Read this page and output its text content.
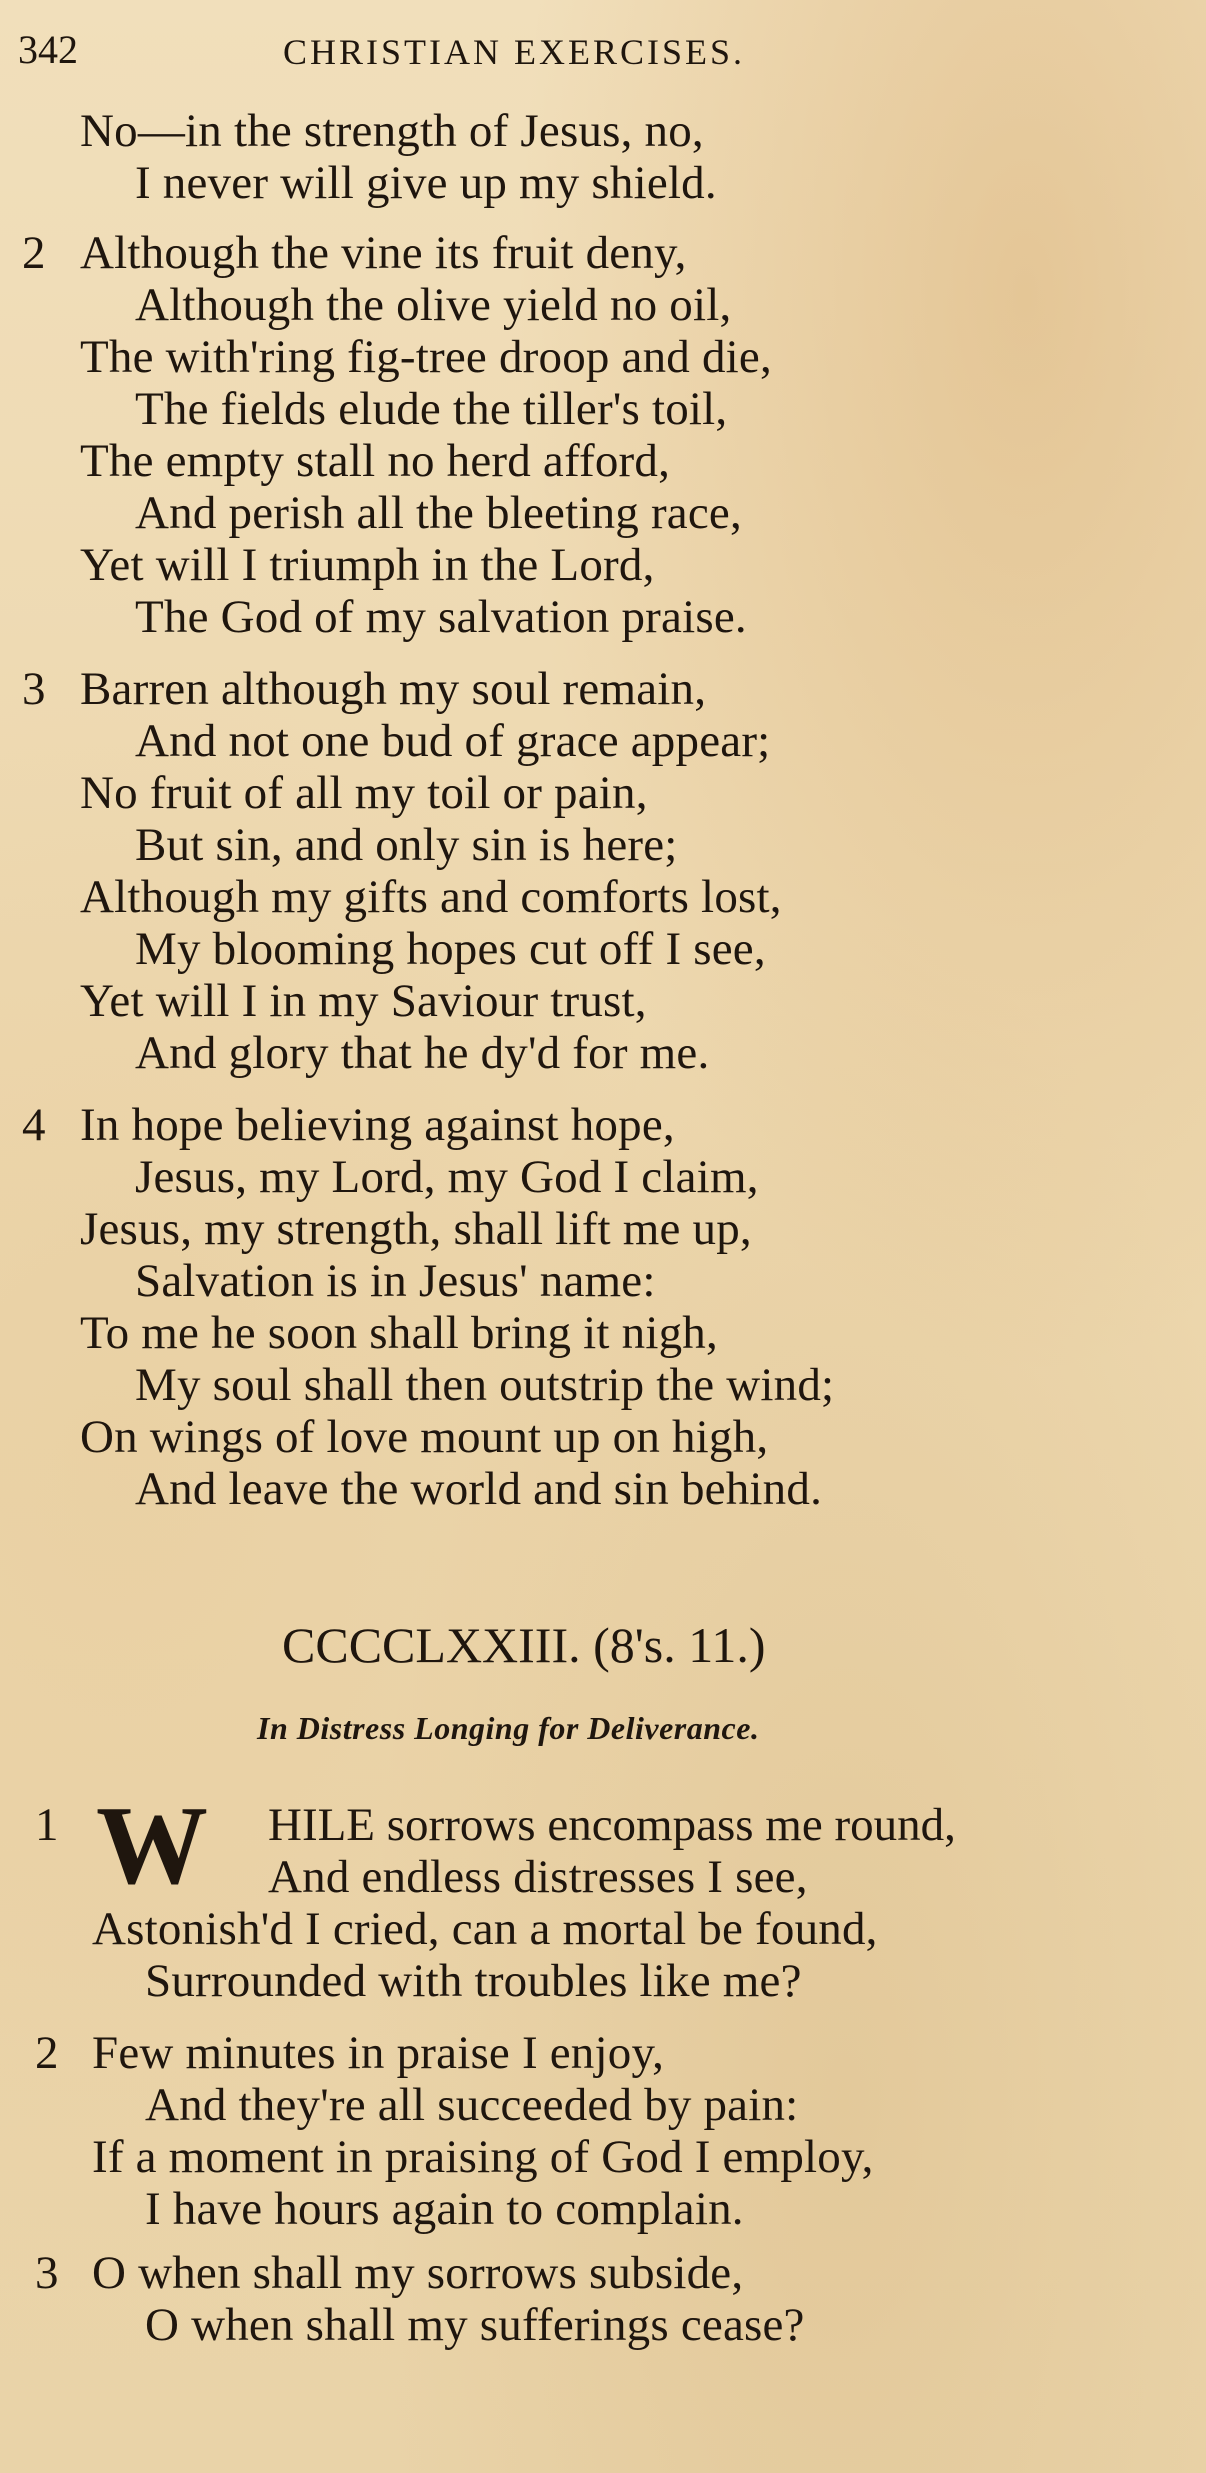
342	CHRISTIAN EXERCISES.
No—in the strength of Jesus, no,
I never will give up my shield.
2 Although the vine its fruit deny,
Although the olive yield no oil,
The with'ring fig-tree droop and die,
The fields elude the tiller's toil,
The empty stall no herd afford,
And perish all the bleeting race,
Yet will I triumph in the Lord,
The God of my salvation praise.
3 Barren although my soul remain,
And not one bud of grace appear;
No fruit of all my toil or pain,
But sin, and only sin is here;
Although my gifts and comforts lost,
My blooming hopes cut off I see,
Yet will I in my Saviour trust,
And glory that he dy'd for me.
4 In hope believing against hope,
Jesus, my Lord, my God I claim,
Jesus, my strength, shall lift me up,
Salvation is in Jesus' name:
To me he soon shall bring it nigh,
My soul shall then outstrip the wind;
On wings of love mount up on high,
And leave the world and sin behind.
CCCCLXXIII. (8's. 11.)
In Distress Longing for Deliverance.
1 W HILE sorrows encompass me round,
And endless distresses I see,
Astonish'd I cried, can a mortal be found,
Surrounded with troubles like me?
2 Few minutes in praise I enjoy,
And they're all succeeded by pain:
If a moment in praising of God I employ,
I have hours again to complain.
3 O when shall my sorrows subside,
O when shall my sufferings cease?
